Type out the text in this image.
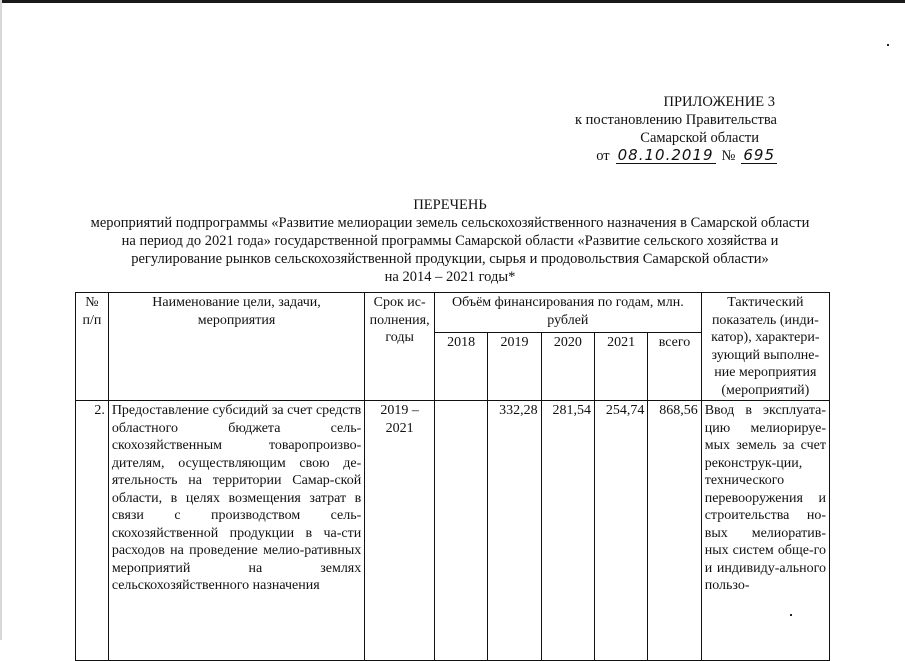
ПРИЛОЖЕНИЕ 3
к постановлению Правительства
Самарской области
от 08.10.2019 № 695
ПЕРЕЧЕНЬ
мероприятий подпрограммы «Развитие мелиорации земель сельскохозяйственного назначения в Самарской области
на период до 2021 года» государственной программы Самарской области «Развитие сельского хозяйства и
регулирование рынков сельскохозяйственной продукции, сырья и продовольствия Самарской области»
на 2014 – 2021 годы*
№ п/п	Наименование цели, задачи, мероприятия	Срок ис-полнения, годы	Объём финансирования по годам, млн. рублей					Тактический показатель (инди-катор), характери-зующий выполне-ние мероприятия (мероприятий)
			2018	2019	2020	2021	всего	
2.	Предоставление субсидий за счет средств областного бюджета сель-скохозяйственным товаропроизво-дителям, осуществляющим свою де-ятельность на территории Самар-ской области, в целях возмещения затрат в связи с производством сель-скохозяйственной продукции в ча-сти расходов на проведение мелио-ративных мероприятий на землях сельскохозяйственного назначения	2019 – 2021		332,28	281,54	254,74	868,56	Ввод в эксплуата-цию мелиорируе-мых земель за счет реконструк-ции, технического перевооружения и строительства но-вых мелиоратив-ных систем обще-го и индивиду-ального пользо-
